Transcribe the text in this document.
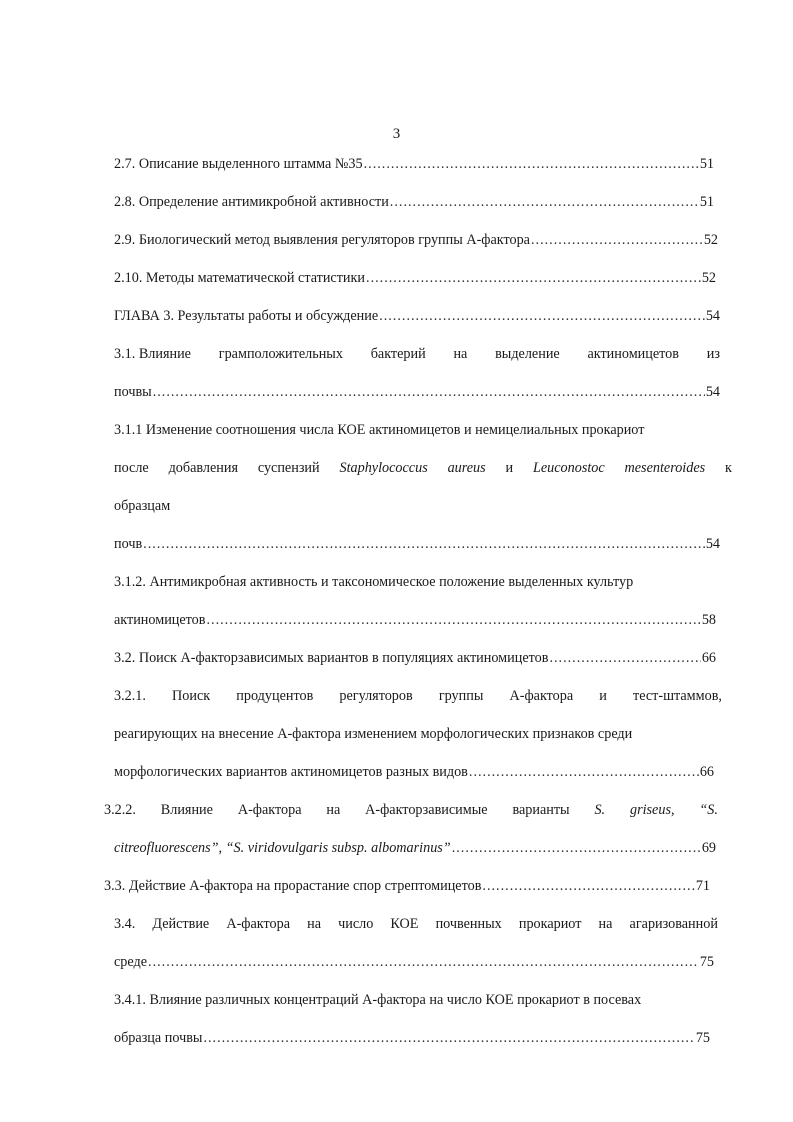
3
2.7. Описание выделенного штамма №35 .....	51
2.8. Определение антимикробной активности .....	51
2.9. Биологический метод выявления регуляторов группы А-фактора .....	52
2.10. Методы математической статистики .....	52
ГЛАВА 3. Результаты работы и обсуждение .....	54
3.1. Влияние грамположительных бактерий на выделение актиномицетов из
почвы .....	54
3.1.1 Изменение соотношения числа КОЕ актиномицетов и немицелиальных прокариот
после добавления суспензий Staphylococcus aureus и Leuconostoc mesenteroides к
образцам
почв .....	54
3.1.2. Антимикробная активность и таксономическое положение выделенных культур
актиномицетов .....	58
3.2. Поиск А-факторзависимых вариантов в популяциях актиномицетов .....	66
3.2.1. Поиск продуцентов регуляторов группы А-фактора и тест-штаммов,
реагирующих на внесение А-фактора изменением морфологических признаков среди
морфологических вариантов актиномицетов разных видов .....	66
3.2.2. Влияние А-фактора на А-факторзависимые варианты S. griseus, “S.
citreofluorescens”, “S. viridovulgaris subsp. albomarinus” .....	69
3.3. Действие А-фактора на прорастание спор стрептомицетов .....	71
3.4. Действие А-фактора на число КОЕ почвенных прокариот на агаризованной
среде .....	75
3.4.1. Влияние различных концентраций А-фактора на число КОЕ прокариот в посевах
образца почвы .....	75
